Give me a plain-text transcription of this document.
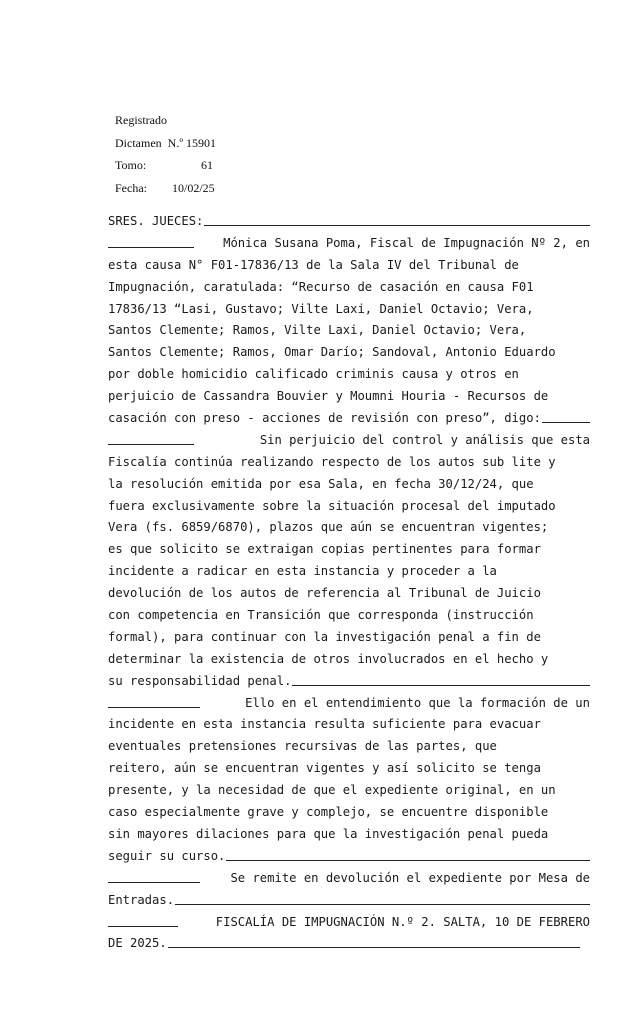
Registrado
Dictamen N.º 15901
Tomo:	61
Fecha:	10/02/25
SRES. JUECES:
Mónica Susana Poma, Fiscal de Impugnación Nº 2, en
esta causa N° F01-17836/13 de la Sala IV del Tribunal de
Impugnación, caratulada: “Recurso de casación en causa F01
17836/13 “Lasi, Gustavo; Vilte Laxi, Daniel Octavio; Vera,
Santos Clemente; Ramos, Vilte Laxi, Daniel Octavio; Vera,
Santos Clemente; Ramos, Omar Darío; Sandoval, Antonio Eduardo
por doble homicidio calificado criminis causa y otros en
perjuicio de Cassandra Bouvier y Moumni Houria - Recursos de
casación con preso - acciones de revisión con preso”, digo:
Sin perjuicio del control y análisis que esta
Fiscalía continúa realizando respecto de los autos sub lite y
la resolución emitida por esa Sala, en fecha 30/12/24, que
fuera exclusivamente sobre la situación procesal del imputado
Vera (fs. 6859/6870), plazos que aún se encuentran vigentes;
es que solicito se extraigan copias pertinentes para formar
incidente a radicar en esta instancia y proceder a la
devolución de los autos de referencia al Tribunal de Juicio
con competencia en Transición que corresponda (instrucción
formal), para continuar con la investigación penal a fin de
determinar la existencia de otros involucrados en el hecho y
su responsabilidad penal.
Ello en el entendimiento que la formación de un
incidente en esta instancia resulta suficiente para evacuar
eventuales pretensiones recursivas de las partes, que
reitero, aún se encuentran vigentes y así solicito se tenga
presente, y la necesidad de que el expediente original, en un
caso especialmente grave y complejo, se encuentre disponible
sin mayores dilaciones para que la investigación penal pueda
seguir su curso.
Se remite en devolución el expediente por Mesa de
Entradas.
FISCALÍA DE IMPUGNACIÓN N.º 2. SALTA, 10 DE FEBRERO
DE 2025.
